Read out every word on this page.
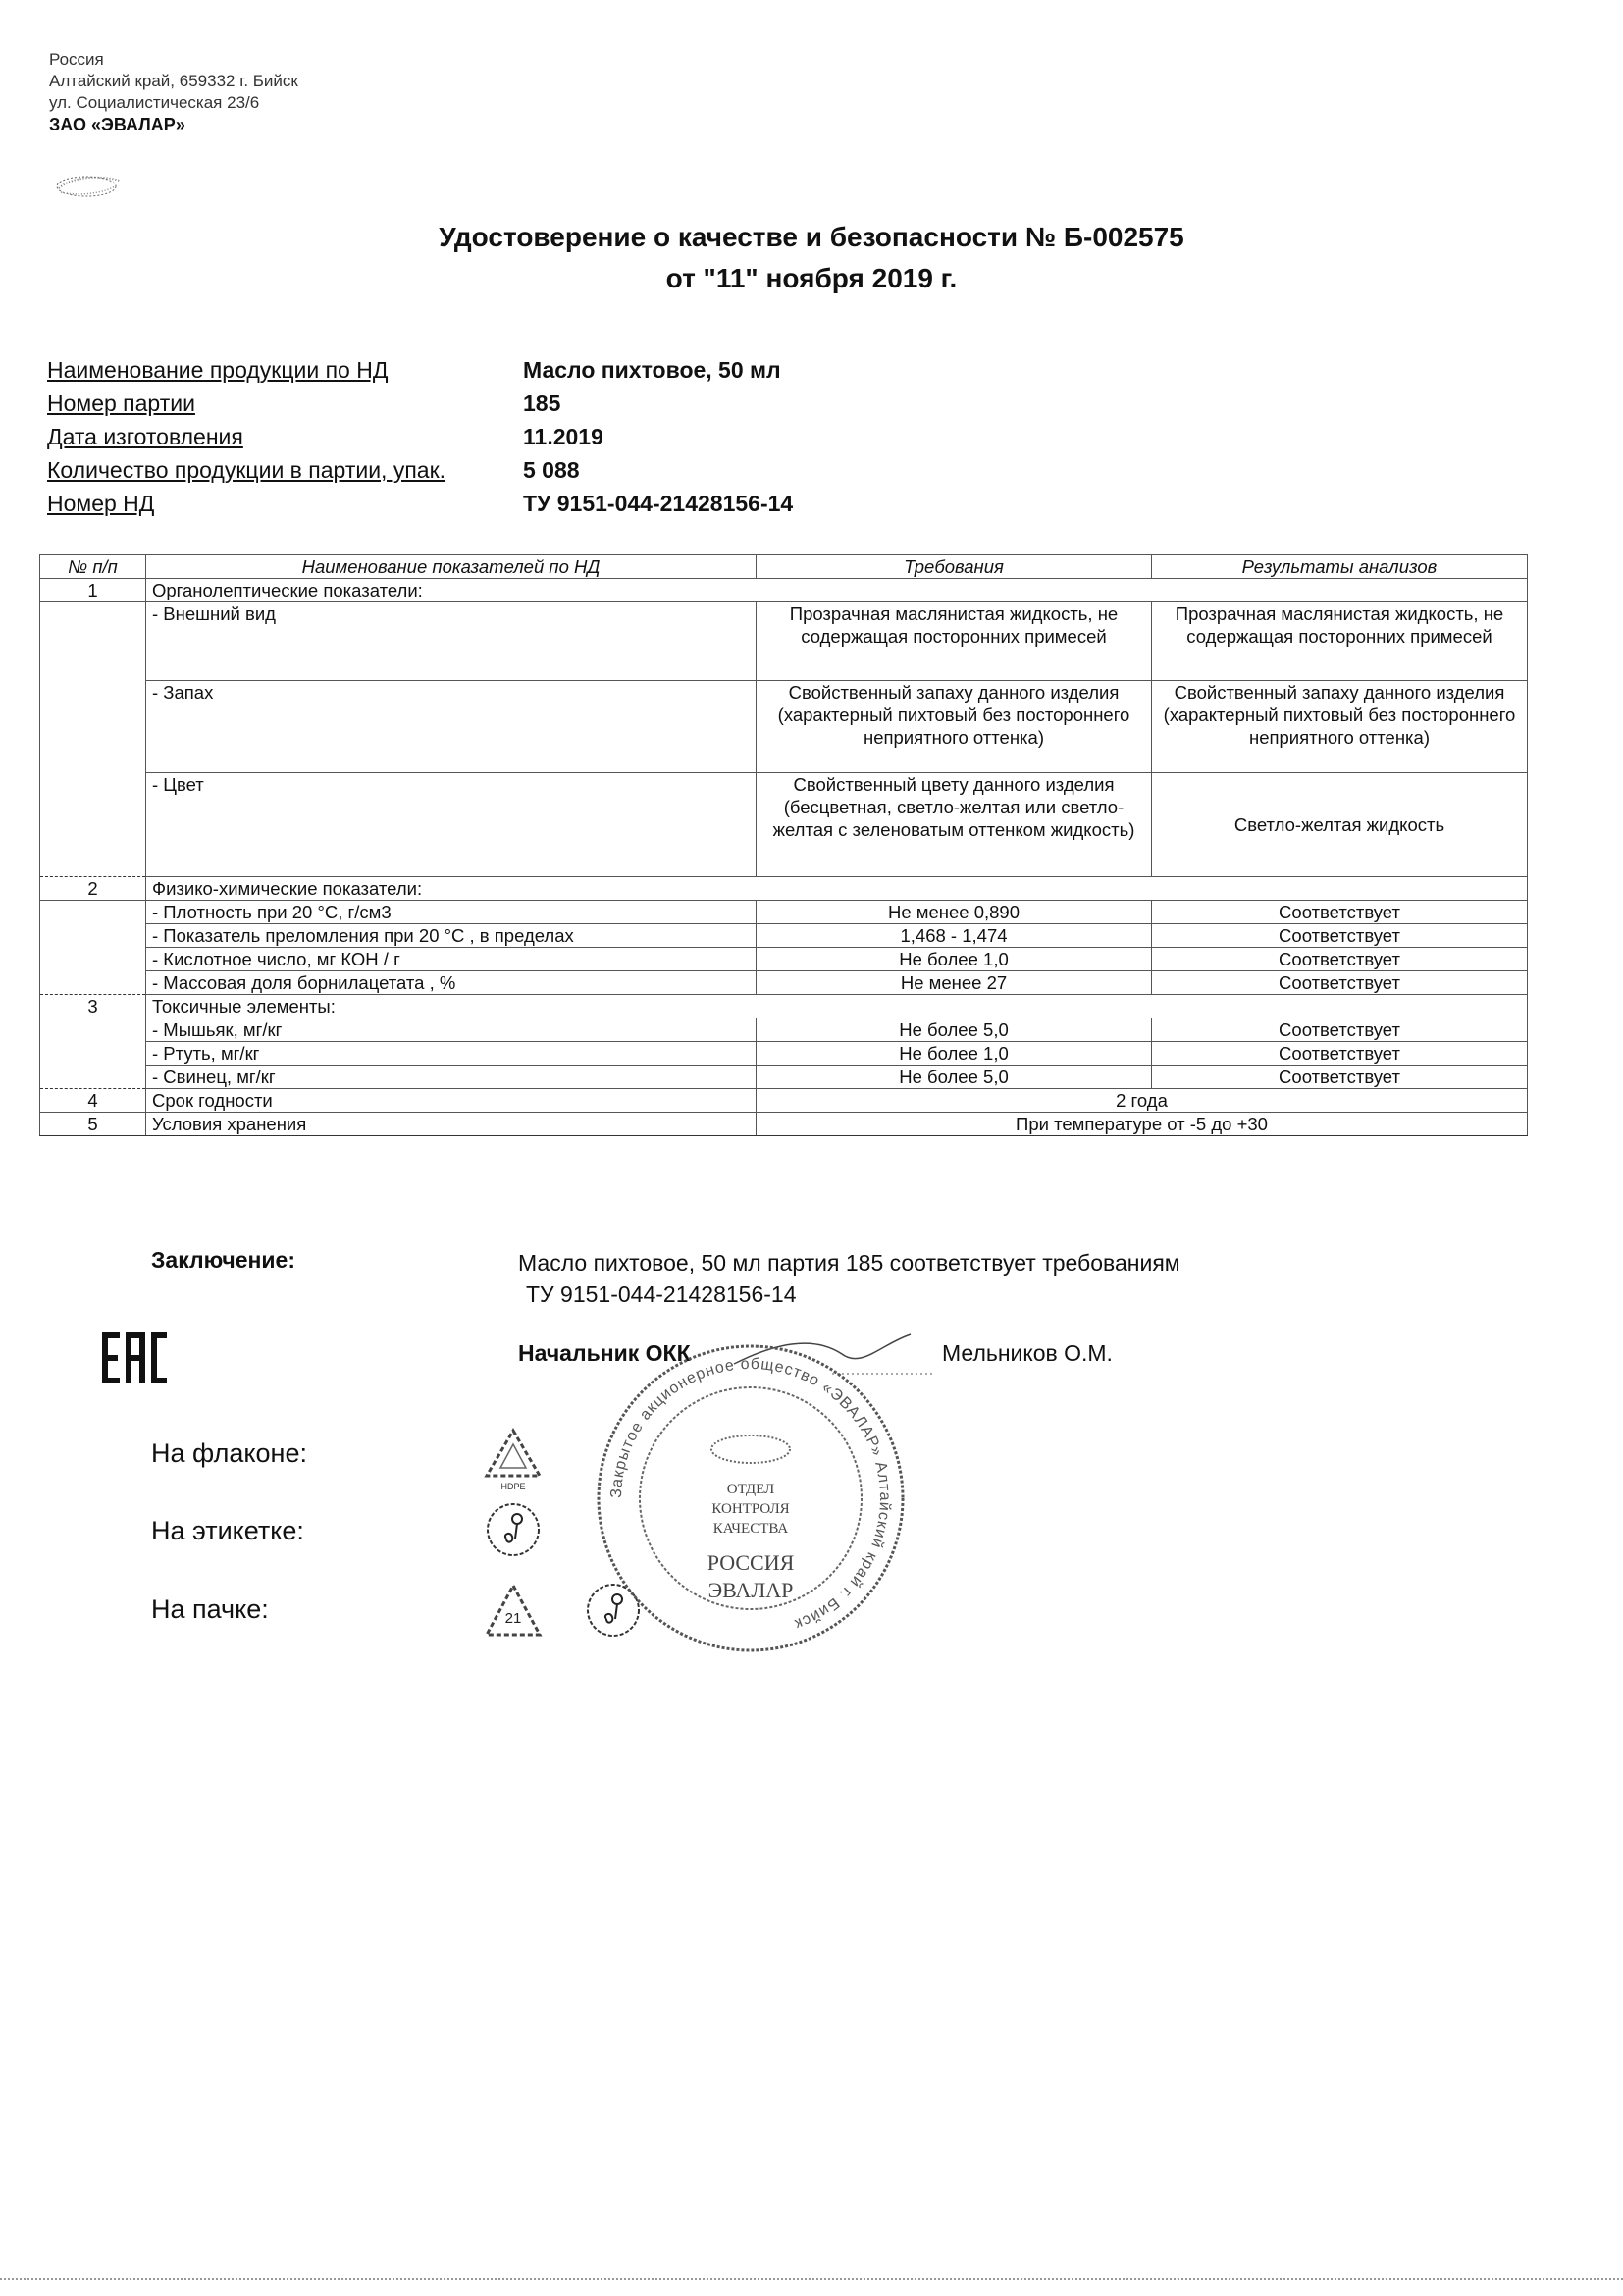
Россия
Алтайский край, 659332 г. Бийск
ул. Социалистическая 23/6
ЗАО «ЭВАЛАР»
Удостоверение о качестве и безопасности № Б-002575
от "11" ноября 2019 г.
Наименование продукции по НД	Масло пихтовое, 50 мл
Номер партии	185
Дата изготовления	11.2019
Количество продукции в партии, упак.	5 088
Номер НД	ТУ 9151-044-21428156-14
№ п/п	Наименование показателей по НД	Требования	Результаты анализов
1	Органолептические показатели:		
	- Внешний вид	Прозрачная маслянистая жидкость, не содержащая посторонних примесей	Прозрачная маслянистая жидкость, не содержащая посторонних примесей
	- Запах	Свойственный запаху данного изделия (характерный пихтовый без постороннего неприятного оттенка)	Свойственный запаху данного изделия (характерный пихтовый без постороннего неприятного оттенка)
	- Цвет	Свойственный цвету данного изделия (бесцветная, светло-желтая или светло-желтая с зеленоватым оттенком жидкость)	Светло-желтая жидкость
2	Физико-химические показатели:		
	- Плотность при 20 °С, г/см3	Не менее 0,890	Соответствует
	- Показатель преломления при 20 °С , в пределах	1,468 - 1,474	Соответствует
	- Кислотное число, мг КОН / г	Не более 1,0	Соответствует
	- Массовая доля борнилацетата , %	Не менее 27	Соответствует
3	Токсичные элементы:		
	- Мышьяк, мг/кг	Не более 5,0	Соответствует
	- Ртуть, мг/кг	Не более 1,0	Соответствует
	- Свинец, мг/кг	Не более 5,0	Соответствует
4	Срок годности	2 года	
5	Условия хранения	При температуре от -5 до +30	
Заключение:	Масло пихтовое, 50 мл партия 185 соответствует требованиям
ТУ 9151-044-21428156-14
Начальник ОКК	Мельников О.М.
На флаконе:
На этикетке:
На пачке:
HDPE
21
Закрытое акционерное общество «ЭВАЛАР» Алтайский край г. Бийск
ОТДЕЛ
КОНТРОЛЯ
КАЧЕСТВА
РОССИЯ
ЭВАЛАР
